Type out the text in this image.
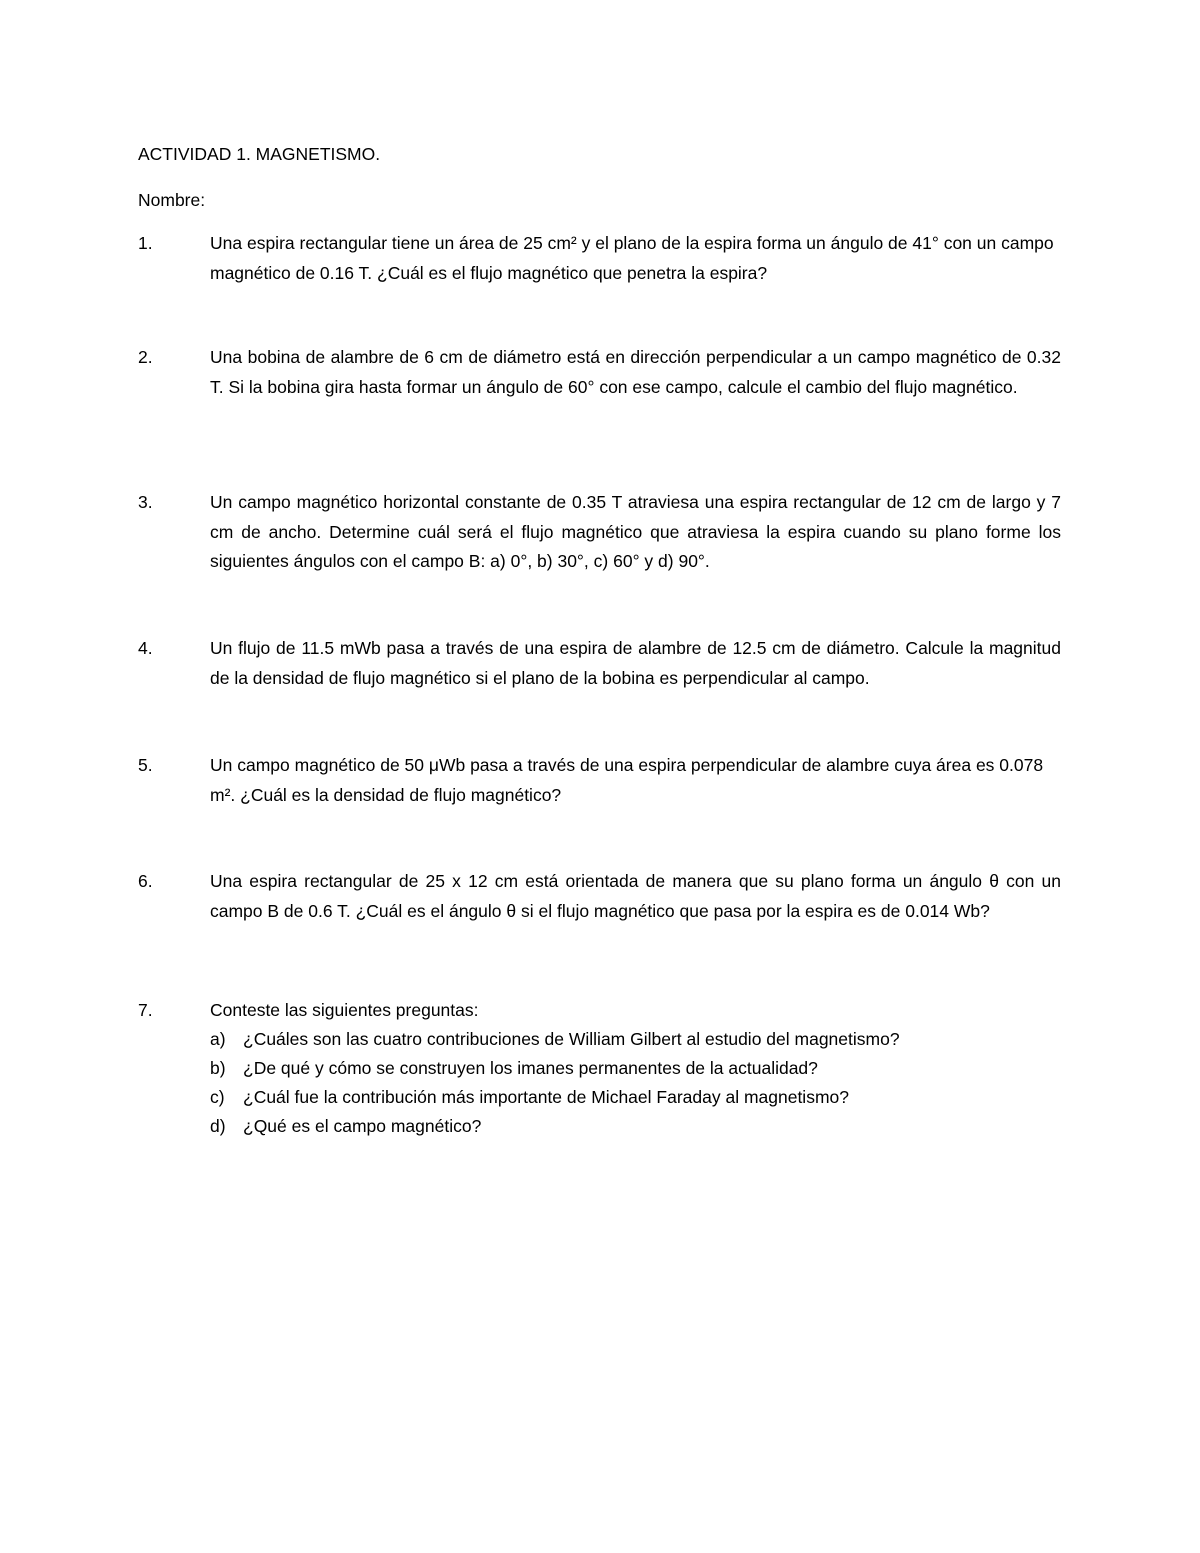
ACTIVIDAD 1. MAGNETISMO.
Nombre:
1.	Una espira rectangular tiene un área de 25 cm² y el plano de la espira forma un ángulo de 41° con un campo magnético de 0.16 T. ¿Cuál es el flujo magnético que penetra la espira?
2.	Una bobina de alambre de 6 cm de diámetro está en dirección perpendicular a un campo magnético de 0.32 T. Si la bobina gira hasta formar un ángulo de 60° con ese campo, calcule el cambio del flujo magnético.
3.	Un campo magnético horizontal constante de 0.35 T atraviesa una espira rectangular de 12 cm de largo y 7 cm de ancho. Determine cuál será el flujo magnético que atraviesa la espira cuando su plano forme los siguientes ángulos con el campo B: a) 0°, b) 30°, c) 60° y d) 90°.
4.	Un flujo de 11.5 mWb pasa a través de una espira de alambre de 12.5 cm de diámetro. Calcule la magnitud de la densidad de flujo magnético si el plano de la bobina es perpendicular al campo.
5.	Un campo magnético de 50 μWb pasa a través de una espira perpendicular de alambre cuya área es 0.078 m². ¿Cuál es la densidad de flujo magnético?
6.	Una espira rectangular de 25 x 12 cm está orientada de manera que su plano forma un ángulo θ con un campo B de 0.6 T. ¿Cuál es el ángulo θ si el flujo magnético que pasa por la espira es de 0.014 Wb?
7.	Conteste las siguientes preguntas:
a) ¿Cuáles son las cuatro contribuciones de William Gilbert al estudio del magnetismo?
b) ¿De qué y cómo se construyen los imanes permanentes de la actualidad?
c) ¿Cuál fue la contribución más importante de Michael Faraday al magnetismo?
d) ¿Qué es el campo magnético?
